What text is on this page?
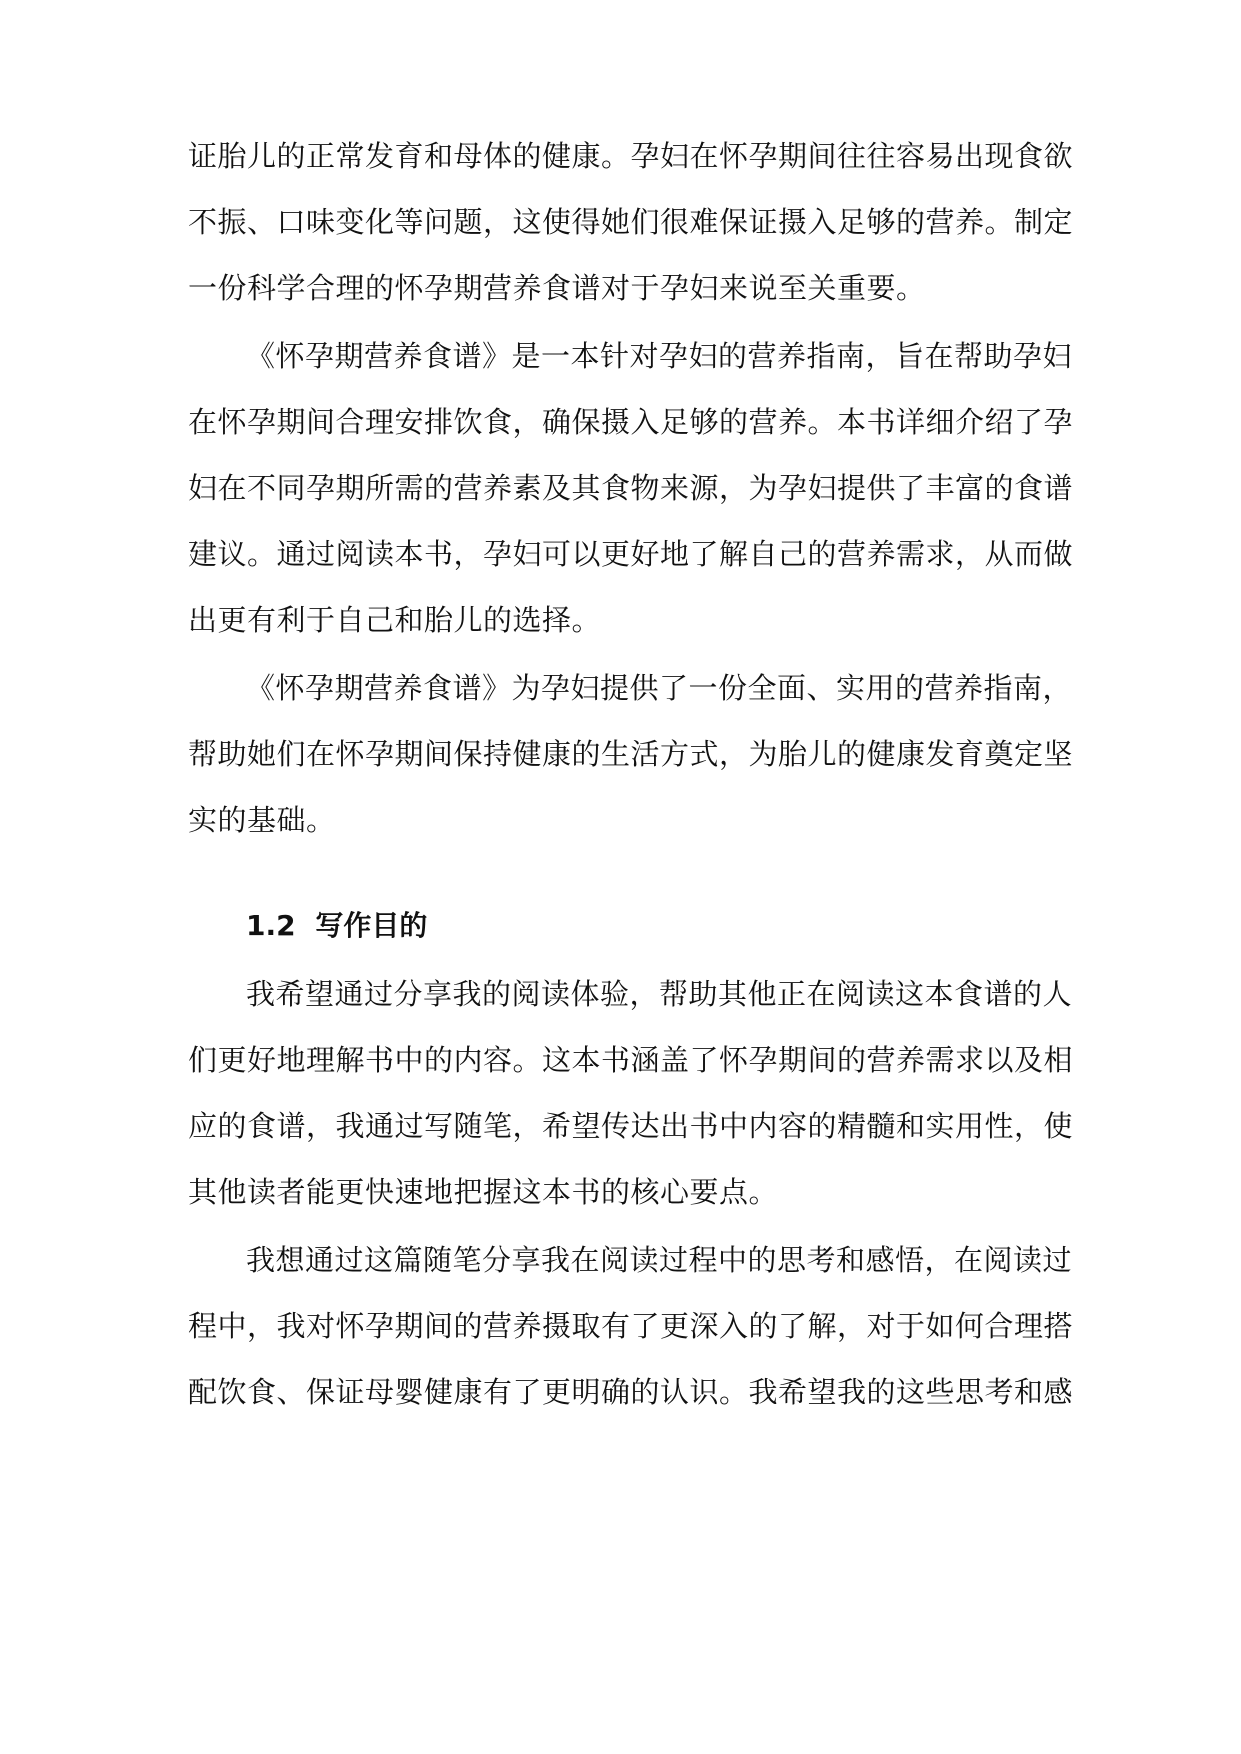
证胎儿的正常发育和母体的健康。孕妇在怀孕期间往往容易出现食欲
不振、口味变化等问题，这使得她们很难保证摄入足够的营养。制定
一份科学合理的怀孕期营养食谱对于孕妇来说至关重要。
《怀孕期营养食谱》是一本针对孕妇的营养指南，旨在帮助孕妇
在怀孕期间合理安排饮食，确保摄入足够的营养。本书详细介绍了孕
妇在不同孕期所需的营养素及其食物来源，为孕妇提供了丰富的食谱
建议。通过阅读本书，孕妇可以更好地了解自己的营养需求，从而做
出更有利于自己和胎儿的选择。
《怀孕期营养食谱》为孕妇提供了一份全面、实用的营养指南，
帮助她们在怀孕期间保持健康的生活方式，为胎儿的健康发育奠定坚
实的基础。
1.2 写作目的
我希望通过分享我的阅读体验，帮助其他正在阅读这本食谱的人
们更好地理解书中的内容。这本书涵盖了怀孕期间的营养需求以及相
应的食谱，我通过写随笔，希望传达出书中内容的精髓和实用性，使
其他读者能更快速地把握这本书的核心要点。
我想通过这篇随笔分享我在阅读过程中的思考和感悟，在阅读过
程中，我对怀孕期间的营养摄取有了更深入的了解，对于如何合理搭
配饮食、保证母婴健康有了更明确的认识。我希望我的这些思考和感
